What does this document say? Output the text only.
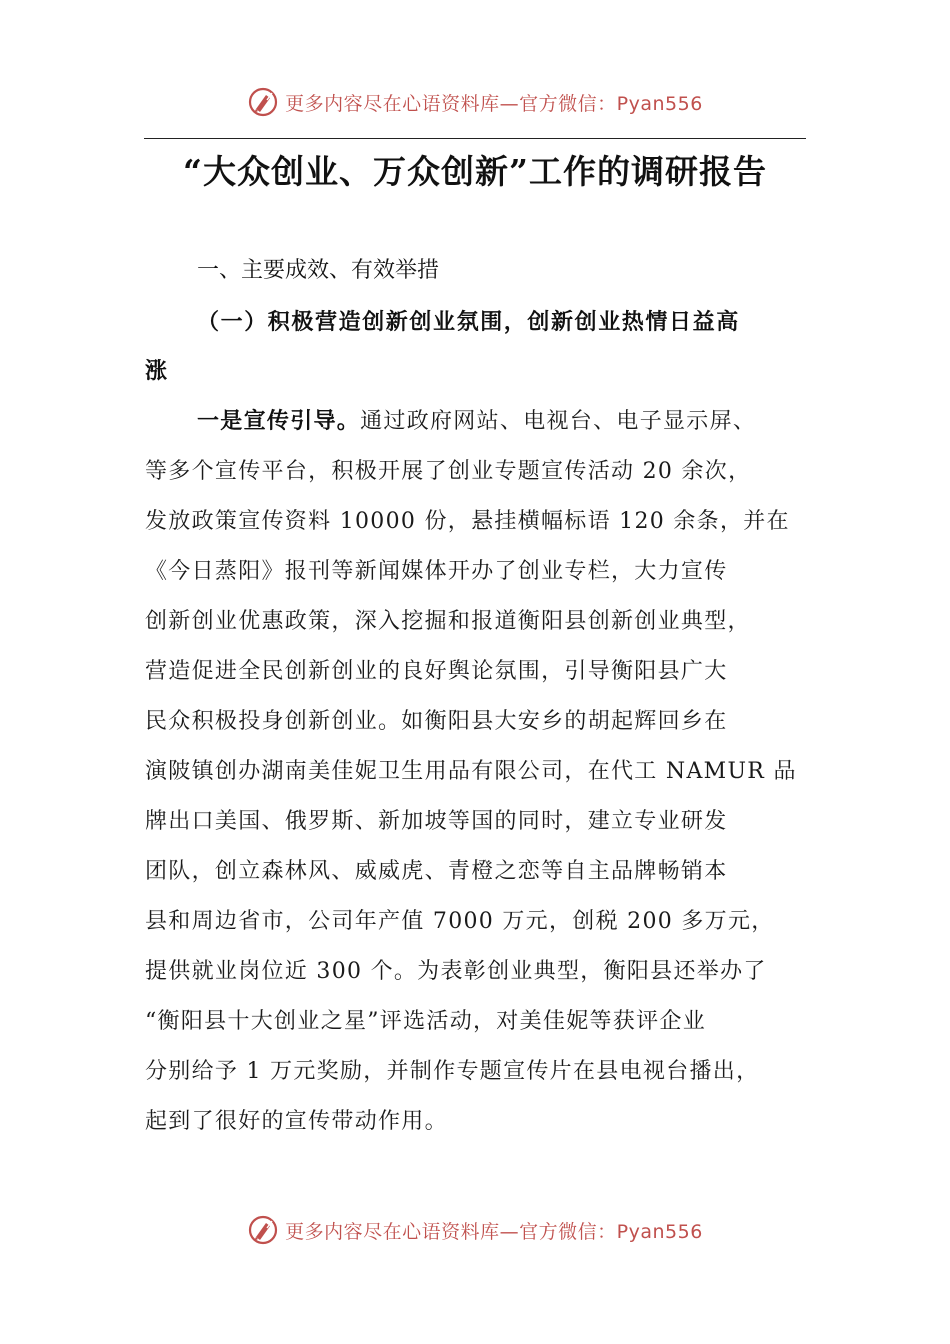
更多内容尽在心语资料库—官方微信：Pyan556
“大众创业、万众创新”工作的调研报告
一、主要成效、有效举措
（一）积极营造创新创业氛围，创新创业热情日益高
涨
一是宣传引导。通过政府网站、电视台、电子显示屏、
等多个宣传平台，积极开展了创业专题宣传活动 20 余次，
发放政策宣传资料 10000 份，悬挂横幅标语 120 余条，并在
《今日蒸阳》报刊等新闻媒体开办了创业专栏，大力宣传
创新创业优惠政策，深入挖掘和报道衡阳县创新创业典型，
营造促进全民创新创业的良好舆论氛围，引导衡阳县广大
民众积极投身创新创业。如衡阳县大安乡的胡起辉回乡在
演陂镇创办湖南美佳妮卫生用品有限公司，在代工 NAMUR 品
牌出口美国、俄罗斯、新加坡等国的同时，建立专业研发
团队，创立森林风、威威虎、青橙之恋等自主品牌畅销本
县和周边省市，公司年产值 7000 万元，创税 200 多万元，
提供就业岗位近 300 个。为表彰创业典型，衡阳县还举办了
“衡阳县十大创业之星”评选活动，对美佳妮等获评企业
分别给予 1 万元奖励，并制作专题宣传片在县电视台播出，
起到了很好的宣传带动作用。
更多内容尽在心语资料库—官方微信：Pyan556
